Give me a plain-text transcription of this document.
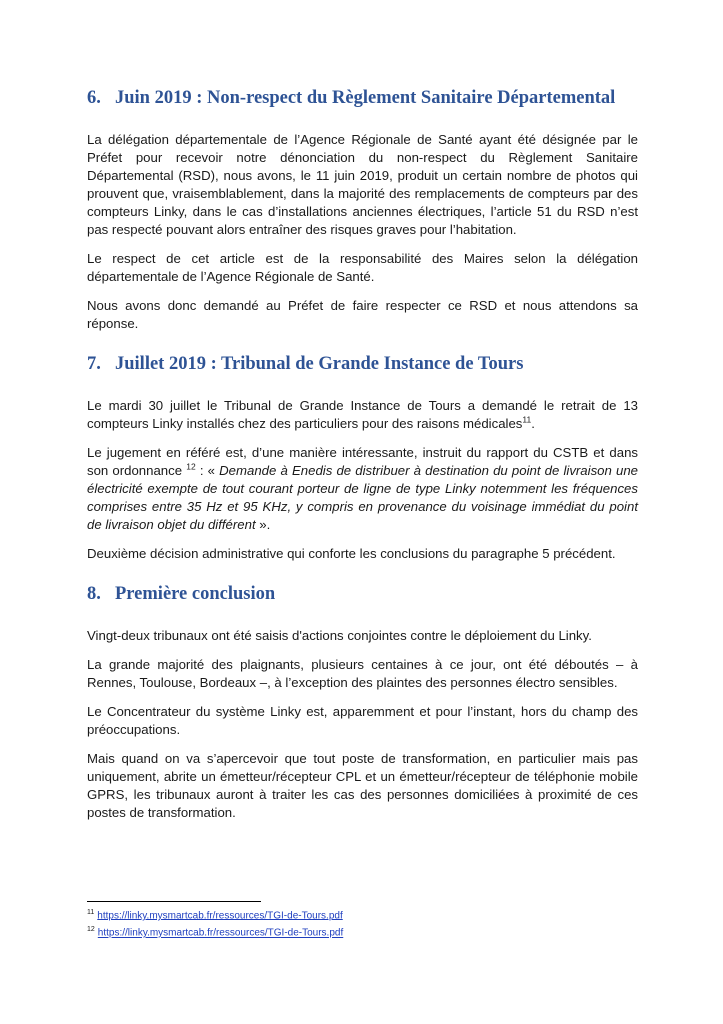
6. Juin 2019 : Non-respect du Règlement Sanitaire Départemental

La délégation départementale de l’Agence Régionale de Santé ayant été désignée par le Préfet pour recevoir notre dénonciation du non-respect du Règlement Sanitaire Départemental (RSD), nous avons, le 11 juin 2019, produit un certain nombre de photos qui prouvent que, vraisemblablement, dans la majorité des remplacements de compteurs par des compteurs Linky, dans le cas d’installations anciennes électriques, l’article 51 du RSD n’est pas respecté pouvant alors entraîner des risques graves pour l’habitation.

Le respect de cet article est de la responsabilité des Maires selon la délégation départementale de l’Agence Régionale de Santé.

Nous avons donc demandé au Préfet de faire respecter ce RSD et nous attendons sa réponse.

7. Juillet 2019 : Tribunal de Grande Instance de Tours

Le mardi 30 juillet le Tribunal de Grande Instance de Tours a demandé le retrait de 13 compteurs Linky installés chez des particuliers pour des raisons médicales$^{11}$.

Le jugement en référé est, d’une manière intéressante, instruit du rapport du CSTB et dans son ordonnance $^{12}$ : « Demande à Enedis de distribuer à destination du point de livraison une électricité exempte de tout courant porteur de ligne de type Linky notemment les fréquences comprises entre 35 Hz et 95 KHz, y compris en provenance du voisinage immédiat du point de livraison objet du différent ».

Deuxième décision administrative qui conforte les conclusions du paragraphe 5 précédent.

8. Première conclusion

Vingt-deux tribunaux ont été saisis d'actions conjointes contre le déploiement du Linky.

La grande majorité des plaignants, plusieurs centaines à ce jour, ont été déboutés – à Rennes, Toulouse, Bordeaux –, à l’exception des plaintes des personnes électro sensibles.

Le Concentrateur du système Linky est, apparemment et pour l’instant, hors du champ des préoccupations.

Mais quand on va s’apercevoir que tout poste de transformation, en particulier mais pas uniquement, abrite un émetteur/récepteur CPL et un émetteur/récepteur de téléphonie mobile GPRS, les tribunaux auront à traiter les cas des personnes domiciliées à proximité de ces postes de transformation.

$^{11}$ https://linky.mysmartcab.fr/ressources/TGI-de-Tours.pdf
$^{12}$ https://linky.mysmartcab.fr/ressources/TGI-de-Tours.pdf
